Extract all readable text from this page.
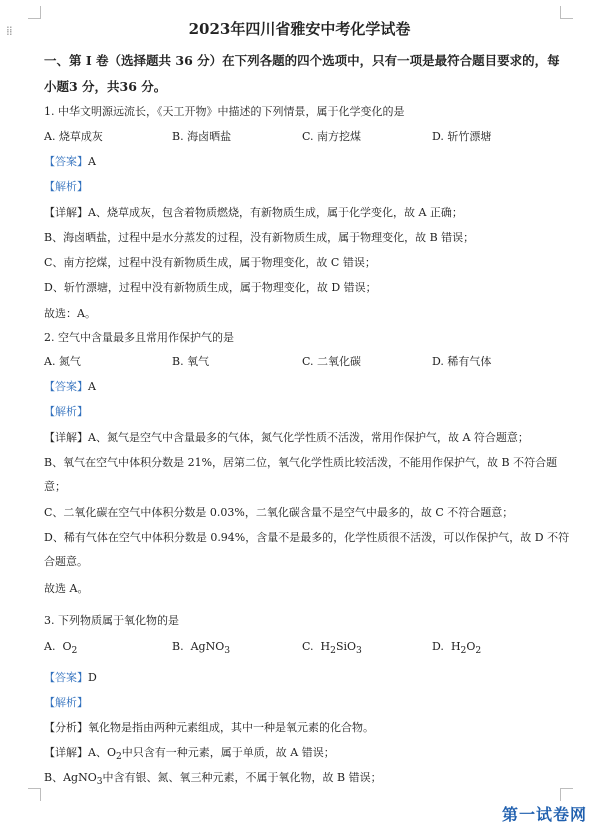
⁞⁞	2023年四川省雅安中考化学试卷
一、第 I 卷（选择题共 36 分）在下列各题的四个选项中，只有一项是最符合题目要求的，每
小题3 分，共36 分。
1. 中华文明源远流长，《天工开物》中描述的下列情景，属于化学变化的是
A. 烧草成灰	B. 海卤晒盐	C. 南方挖煤	D. 斩竹漂塘
【答案】A
【解析】
【详解】A、烧草成灰，包含着物质燃烧，有新物质生成，属于化学变化，故 A 正确；
B、海卤晒盐，过程中是水分蒸发的过程，没有新物质生成，属于物理变化，故 B 错误；
C、南方挖煤，过程中没有新物质生成，属于物理变化，故 C 错误；
D、斩竹漂塘，过程中没有新物质生成，属于物理变化，故 D 错误；
故选：A。
2. 空气中含量最多且常用作保护气的是
A. 氮气	B. 氧气	C. 二氧化碳	D. 稀有气体
【答案】A
【解析】
【详解】A、氮气是空气中含量最多的气体，氮气化学性质不活泼，常用作保护气，故 A 符合题意；
B、氧气在空气中体积分数是 21%，居第二位，氧气化学性质比较活泼，不能用作保护气，故 B 不符合题
意；
C、二氧化碳在空气中体积分数是 0.03%，二氧化碳含量不是空气中最多的，故 C 不符合题意；
D、稀有气体在空气中体积分数是 0.94%，含量不是最多的，化学性质很不活泼，可以作保护气，故 D 不符
合题意。
故选 A。
3. 下列物质属于氧化物的是
A. $O_2$	B. AgNO$_3$	C. $H_2SiO_3$	D. $H_2O_2$
【答案】D
【解析】
【分析】氧化物是指由两种元素组成，其中一种是氧元素的化合物。
【详解】A、$O_2$中只含有一种元素，属于单质，故 A 错误；
B、AgNO$_3$中含有银、氮、氧三种元素，不属于氧化物，故 B 错误；
第一试卷网
